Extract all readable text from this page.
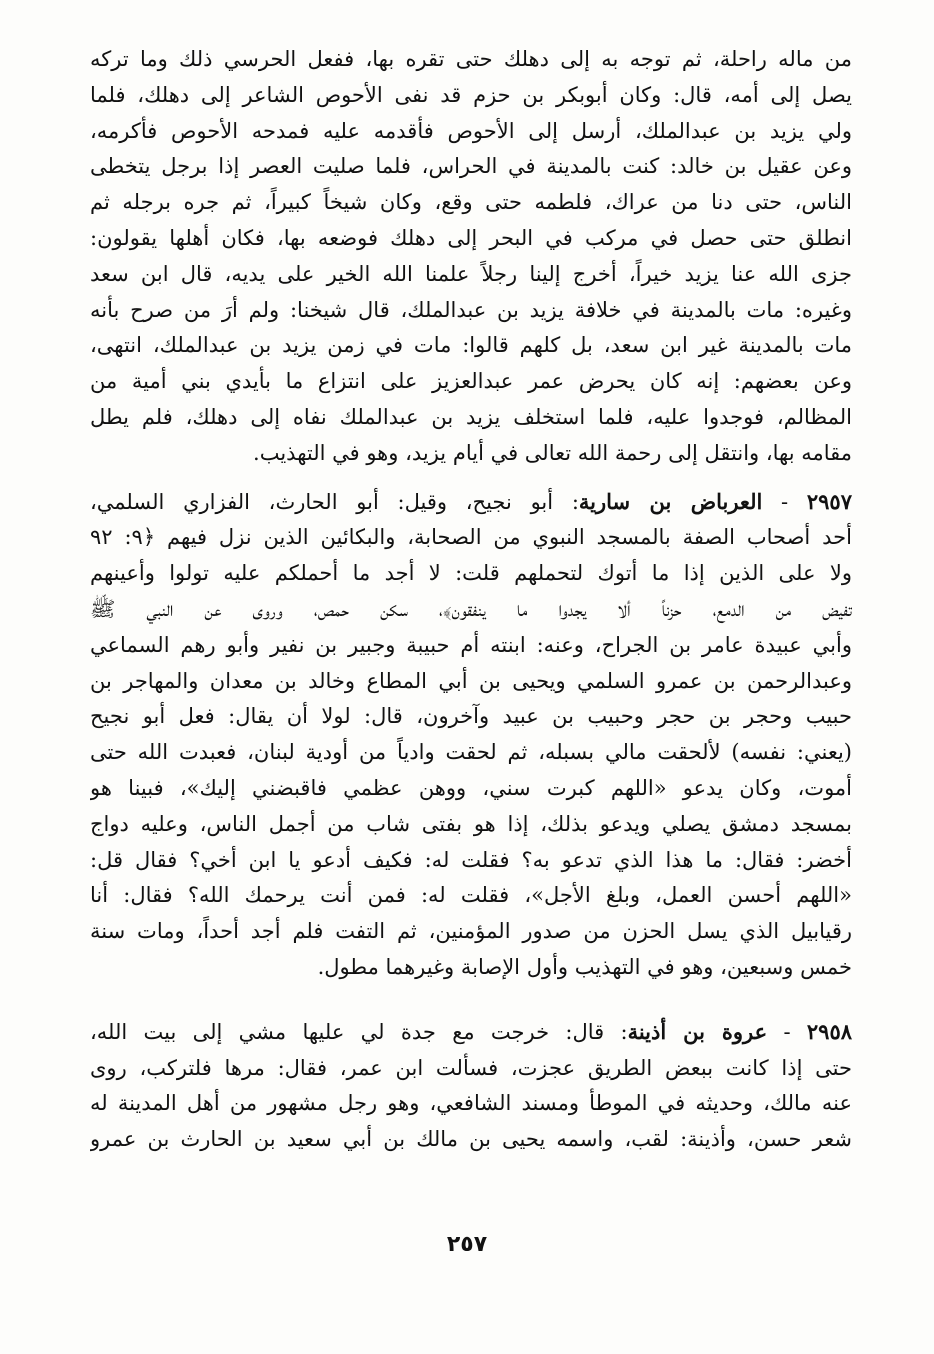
من ماله راحلة، ثم توجه به إلى دهلك حتى تقره بها، ففعل الحرسي ذلك وما تركه
يصل إلى أمه، قال: وكان أبوبكر بن حزم قد نفى الأحوص الشاعر إلى دهلك، فلما
ولي يزيد بن عبدالملك، أرسل إلى الأحوص فأقدمه عليه فمدحه الأحوص فأكرمه،
وعن عقيل بن خالد: كنت بالمدينة في الحراس، فلما صليت العصر إذا برجل يتخطى
الناس، حتى دنا من عراك، فلطمه حتى وقع، وكان شيخاً كبيراً، ثم جره برجله ثم
انطلق حتى حصل في مركب في البحر إلى دهلك فوضعه بها، فكان أهلها يقولون:
جزى الله عنا يزيد خيراً، أخرج إلينا رجلاً علمنا الله الخير على يديه، قال ابن سعد
وغيره: مات بالمدينة في خلافة يزيد بن عبدالملك، قال شيخنا: ولم أرَ من صرح بأنه
مات بالمدينة غير ابن سعد، بل كلهم قالوا: مات في زمن يزيد بن عبدالملك، انتهى،
وعن بعضهم: إنه كان يحرض عمر عبدالعزيز على انتزاع ما بأيدي بني أمية من
المظالم، فوجدوا عليه، فلما استخلف يزيد بن عبدالملك نفاه إلى دهلك، فلم يطل
مقامه بها، وانتقل إلى رحمة الله تعالى في أيام يزيد، وهو في التهذيب.
٢٩٥٧ - العرباض بن سارية: أبو نجيح، وقيل: أبو الحارث، الفزاري السلمي،
أحد أصحاب الصفة بالمسجد النبوي من الصحابة، والبكائين الذين نزل فيهم ﴿٩: ٩٢
ولا على الذين إذا ما أتوك لتحملهم قلت: لا أجد ما أحملكم عليه تولوا وأعينهم
تفيض من الدمع، حزناً ألا يجدوا ما ينفقون﴾، سكن حمص، وروى عن النبي ﷺ
وأبي عبيدة عامر بن الجراح، وعنه: ابنته أم حبيبة وجبير بن نفير وأبو رهم السماعي
وعبدالرحمن بن عمرو السلمي ويحيى بن أبي المطاع وخالد بن معدان والمهاجر بن
حبيب وحجر بن حجر وحبيب بن عبيد وآخرون، قال: لولا أن يقال: فعل أبو نجيح
(يعني: نفسه) لألحقت مالي بسبله، ثم لحقت وادياً من أودية لبنان، فعبدت الله حتى
أموت، وكان يدعو «اللهم كبرت سني، ووهن عظمي فاقبضني إليك»، فبينا هو
بمسجد دمشق يصلي ويدعو بذلك، إذا هو بفتى شاب من أجمل الناس، وعليه دواج
أخضر: فقال: ما هذا الذي تدعو به؟ فقلت له: فكيف أدعو يا ابن أخي؟ فقال قل:
«اللهم أحسن العمل، وبلغ الأجل»، فقلت له: فمن أنت يرحمك الله؟ فقال: أنا
رقيابيل الذي يسل الحزن من صدور المؤمنين، ثم التفت فلم أجد أحداً، ومات سنة
خمس وسبعين، وهو في التهذيب وأول الإصابة وغيرهما مطول.
٢٩٥٨ - عروة بن أذينة: قال: خرجت مع جدة لي عليها مشي إلى بيت الله،
حتى إذا كانت ببعض الطريق عجزت، فسألت ابن عمر، فقال: مرها فلتركب، روى
عنه مالك، وحديثه في الموطأ ومسند الشافعي، وهو رجل مشهور من أهل المدينة له
شعر حسن، وأذينة: لقب، واسمه يحيى بن مالك بن أبي سعيد بن الحارث بن عمرو
٢٥٧
